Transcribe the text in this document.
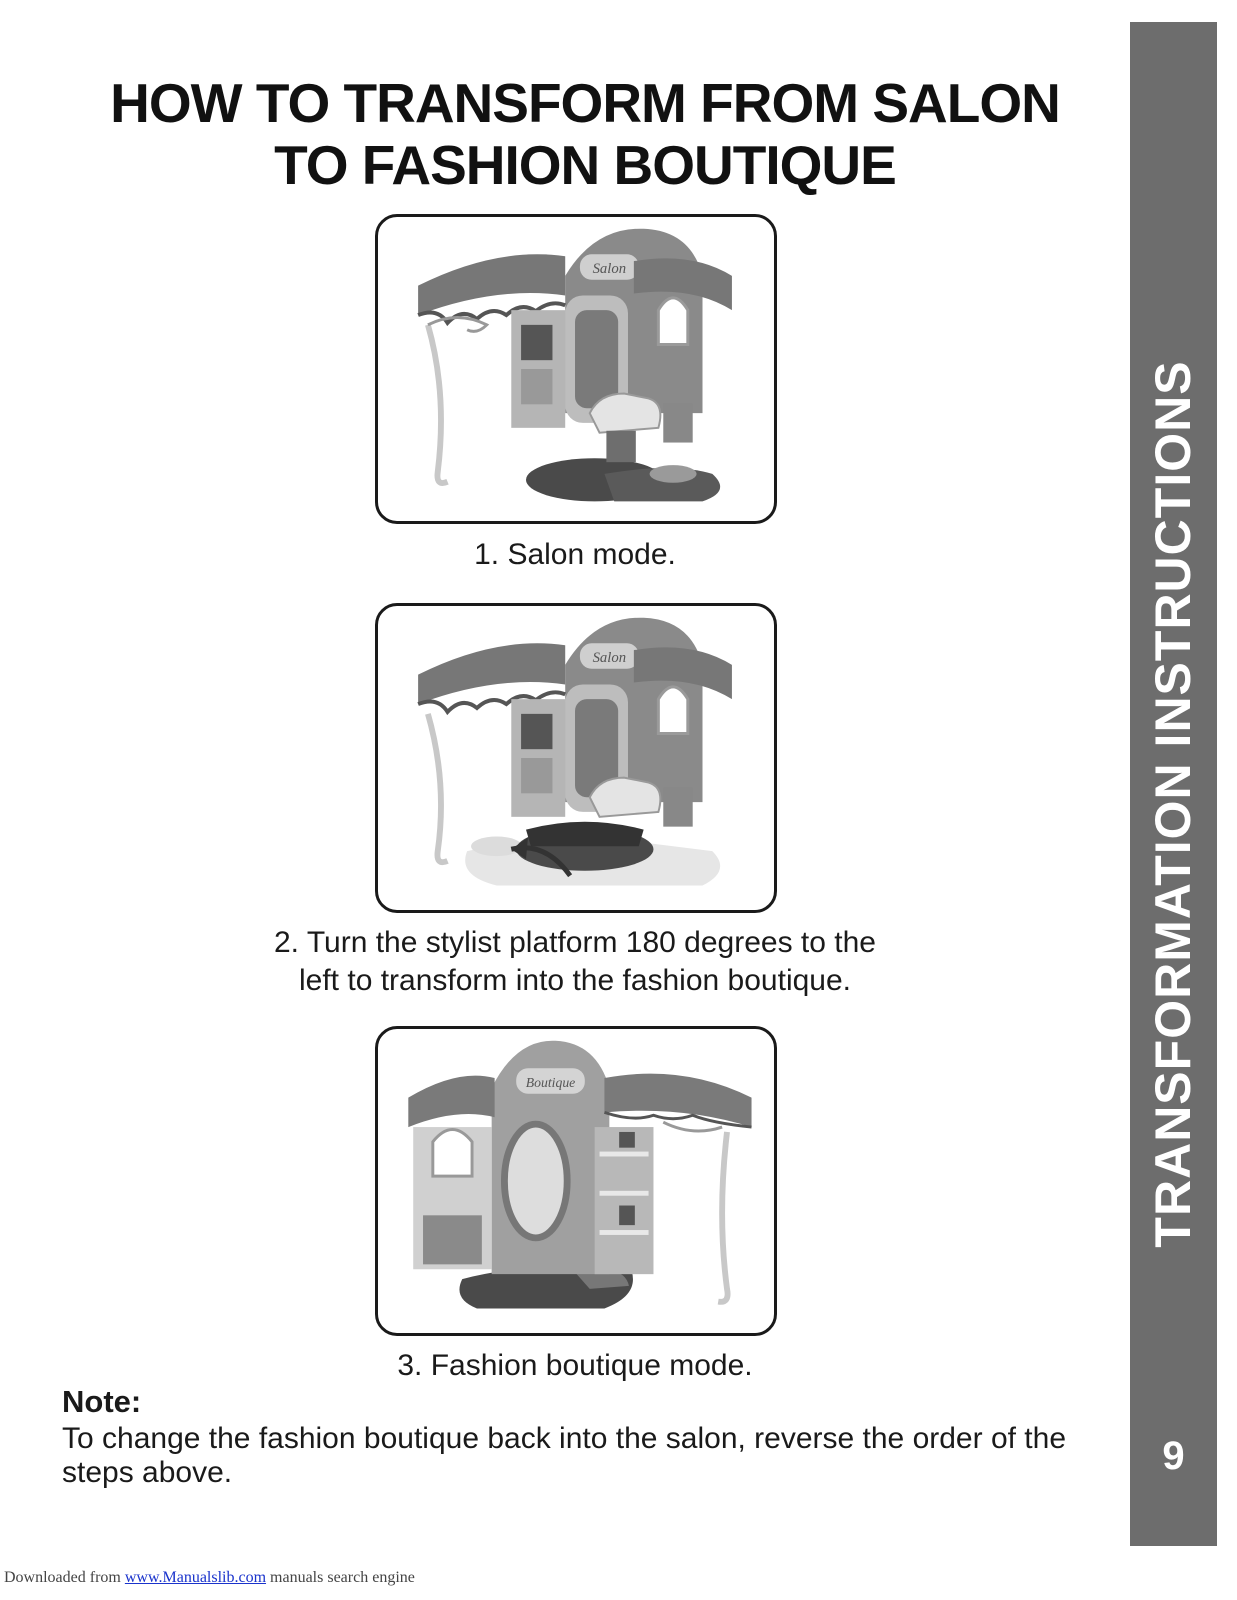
HOW TO TRANSFORM FROM SALON
TO FASHION BOUTIQUE
Salon

1. Salon mode.

Salon

2. Turn the stylist platform 180 degrees to the
left to transform into the fashion boutique.

Boutique

3. Fashion boutique mode.

Note:

To change the fashion boutique back into the salon, reverse the order of the steps above.

TRANSFORMATION INSTRUCTIONS
9
Downloaded from www.Manualslib.com manuals search engine
